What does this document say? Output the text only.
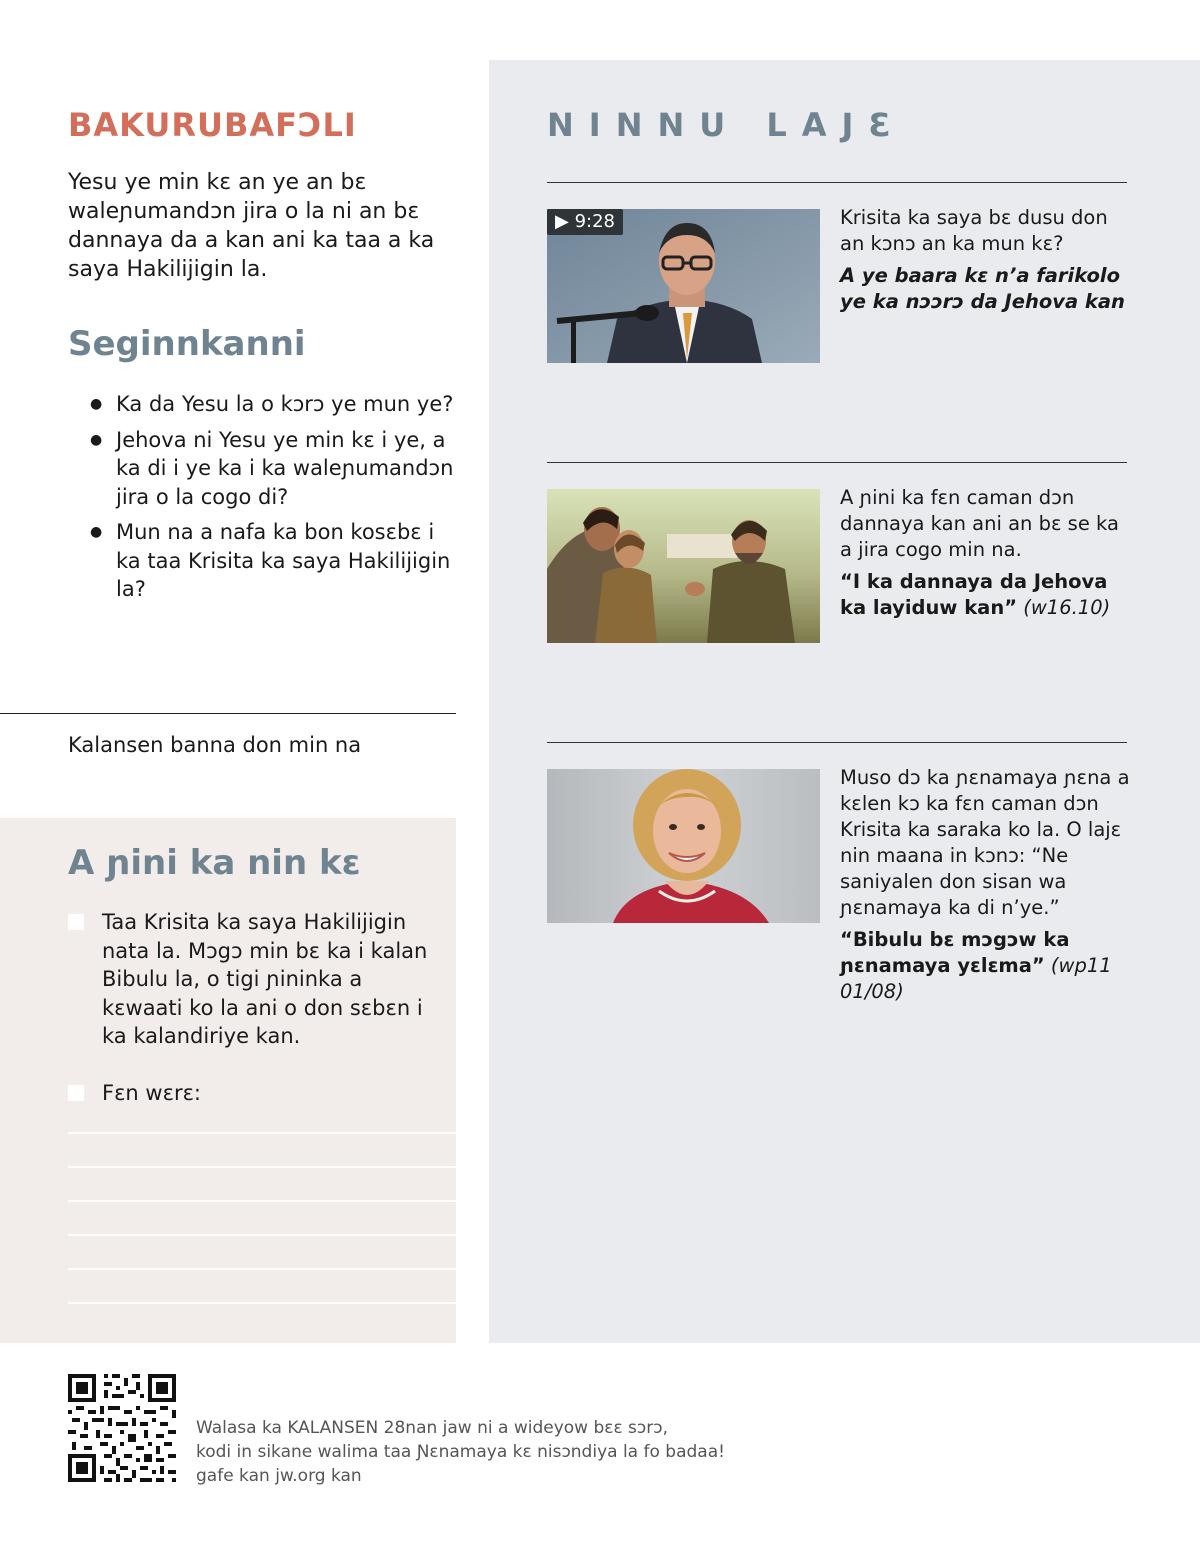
BAKURUBAFƆLI

Yesu ye min kɛ an ye an bɛ waleɲumandɔn jira o la ni an bɛ dannaya da a kan ani ka taa a ka saya Hakilijigin la.

Seginnkanni
● Ka da Yesu la o kɔrɔ ye mun ye?
● Jehova ni Yesu ye min kɛ i ye, a ka di i ye ka i ka waleɲumandɔn jira o la cogo di?
● Mun na a nafa ka bon kosɛbɛ i ka taa Krisita ka saya Hakilijigin la?

Kalansen banna don min na

A ɲini ka nin kɛ
Taa Krisita ka saya Hakilijigin nata la. Mɔgɔ min bɛ ka i kalan Bibulu la, o tigi ɲininka a kɛwaati ko la ani o don sɛbɛn i ka kalandiriye kan.
Fɛn wɛrɛ:
NINNU LAJƐ
▶ 9:28	Krisita ka saya bɛ dusu don an kɔnɔ an ka mun kɛ?

A ye baara kɛ n’a farikolo ye ka nɔɔrɔ da Jehova kan

A ɲini ka fɛn caman dɔn dannaya kan ani an bɛ se ka a jira cogo min na.

“I ka dannaya da Jehova ka layiduw kan” (w16.10)

Muso dɔ ka ɲɛnamaya ɲɛna a kɛlen kɔ ka fɛn caman dɔn Krisita ka saraka ko la. O lajɛ nin maana in kɔnɔ: “Ne saniyalen don sisan wa ɲɛnamaya ka di n’ye.”

“Bibulu bɛ mɔgɔw ka ɲɛnamaya yɛlɛma” (wp11 01/08)

Walasa ka KALANSEN 28nan jaw ni a wideyow bɛɛ sɔrɔ,
kodi in sikane walima taa Ɲɛnamaya kɛ nisɔndiya la fo badaa!
gafe kan jw.org kan
